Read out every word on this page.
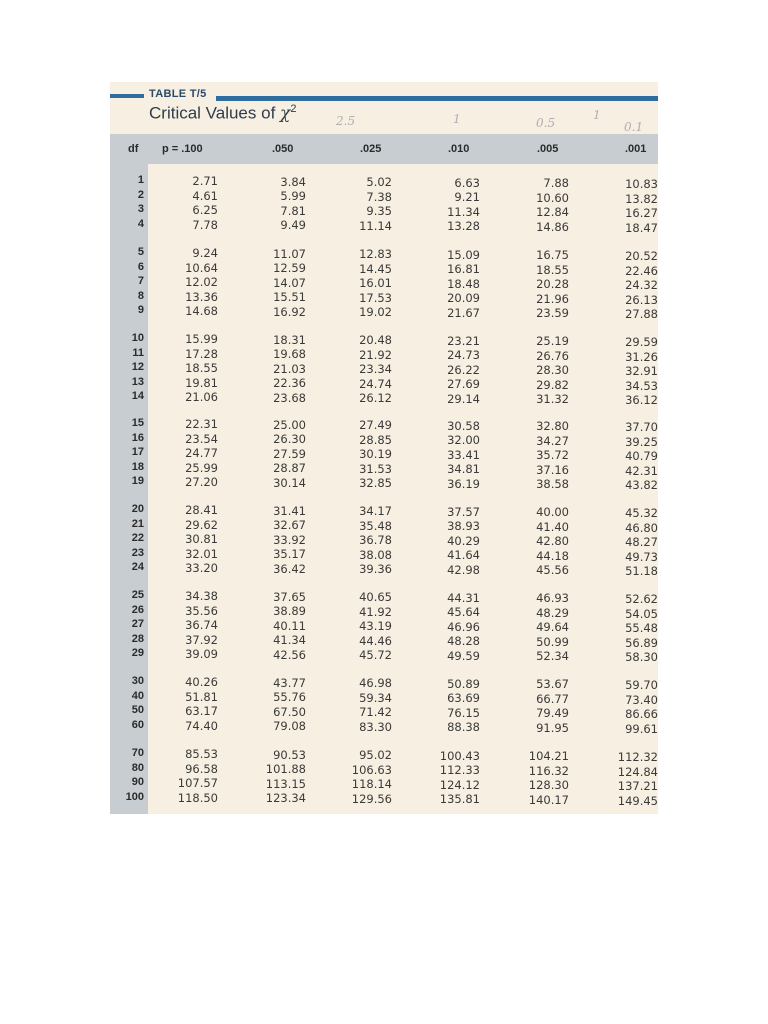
TABLE T/5
Critical Values of $\chi^2$
2.5	1	0.5
1
0.1
df p = .100	.050	.025	.010	.005	.001
1	2.71	3.84	5.02	6.63	7.88	10.83
2	4.61	5.99	7.38	9.21	10.60	13.82
3	6.25	7.81	9.35	11.34	12.84	16.27
4	7.78	9.49	11.14	13.28	14.86	18.47
5	9.24	11.07	12.83	15.09	16.75	20.52
6	10.64	12.59	14.45	16.81	18.55	22.46
7	12.02	14.07	16.01	18.48	20.28	24.32
8	13.36	15.51	17.53	20.09	21.96	26.13
9	14.68	16.92	19.02	21.67	23.59	27.88
10	15.99	18.31	20.48	23.21	25.19	29.59
11	17.28	19.68	21.92	24.73	26.76	31.26
12	18.55	21.03	23.34	26.22	28.30	32.91
13	19.81	22.36	24.74	27.69	29.82	34.53
14	21.06	23.68	26.12	29.14	31.32	36.12
15	22.31	25.00	27.49	30.58	32.80	37.70
16	23.54	26.30	28.85	32.00	34.27	39.25
17	24.77	27.59	30.19	33.41	35.72	40.79
18	25.99	28.87	31.53	34.81	37.16	42.31
19	27.20	30.14	32.85	36.19	38.58	43.82
20	28.41	31.41	34.17	37.57	40.00	45.32
21	29.62	32.67	35.48	38.93	41.40	46.80
22	30.81	33.92	36.78	40.29	42.80	48.27
23	32.01	35.17	38.08	41.64	44.18	49.73
24	33.20	36.42	39.36	42.98	45.56	51.18
25	34.38	37.65	40.65	44.31	46.93	52.62
26	35.56	38.89	41.92	45.64	48.29	54.05
27	36.74	40.11	43.19	46.96	49.64	55.48
28	37.92	41.34	44.46	48.28	50.99	56.89
29	39.09	42.56	45.72	49.59	52.34	58.30
30	40.26	43.77	46.98	50.89	53.67	59.70
40	51.81	55.76	59.34	63.69	66.77	73.40
50	63.17	67.50	71.42	76.15	79.49	86.66
60	74.40	79.08	83.30	88.38	91.95	99.61
70	85.53	90.53	95.02	100.43	104.21	112.32
80	96.58	101.88	106.63	112.33	116.32	124.84
90	107.57	113.15	118.14	124.12	128.30	137.21
100	118.50	123.34	129.56	135.81	140.17	149.45
